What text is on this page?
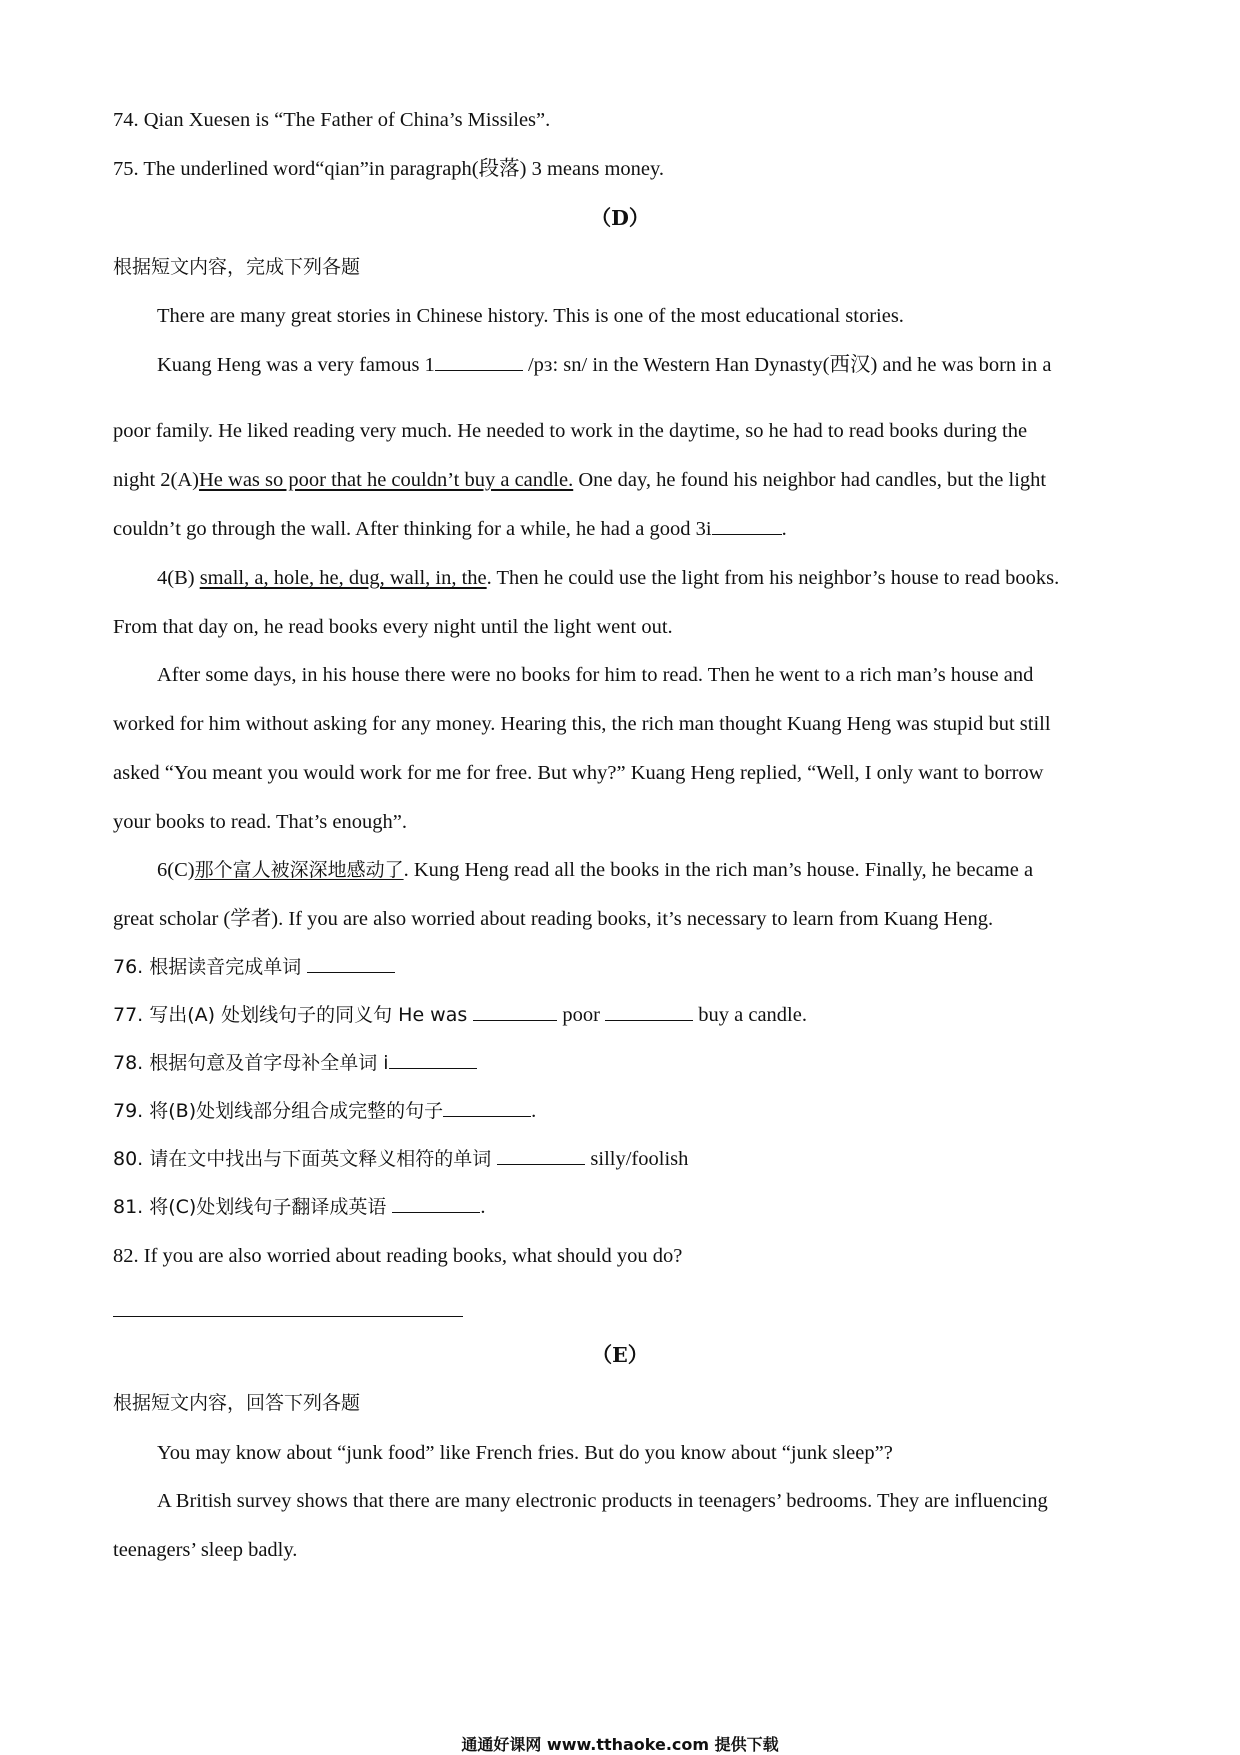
74. Qian Xuesen is “The Father of China’s Missiles”.
75. The underlined word“qian”in paragraph(段落) 3 means money.
（D）
根据短文内容，完成下列各题
There are many great stories in Chinese history. This is one of the most educational stories.
Kuang Heng was a very famous 1	/pɜ: sn/ in the Western Han Dynasty(西汉) and he was born in a
poor family. He liked reading very much. He needed to work in the daytime, so he had to read books during the
night 2(A)He was so poor that he couldn’t buy a candle. One day, he found his neighbor had candles, but the light
couldn’t go through the wall. After thinking for a while, he had a good 3i	.
4(B) small, a, hole, he, dug, wall, in, the. Then he could use the light from his neighbor’s house to read books.
From that day on, he read books every night until the light went out.
After some days, in his house there were no books for him to read. Then he went to a rich man’s house and
worked for him without asking for any money. Hearing this, the rich man thought Kuang Heng was stupid but still
asked “You meant you would work for me for free. But why?” Kuang Heng replied, “Well, I only want to borrow
your books to read. That’s enough”.
6(C)那个富人被深深地感动了. Kung Heng read all the books in the rich man’s house. Finally, he became a
great scholar (学者). If you are also worried about reading books, it’s necessary to learn from Kuang Heng.
76. 根据读音完成单词
77. 写出(A) 处划线句子的同义句 He was	poor	buy a candle.
78. 根据句意及首字母补全单词 i
79. 将(B)处划线部分组合成完整的句子	.
80. 请在文中找出与下面英文释义相符的单词	silly/foolish
81. 将(C)处划线句子翻译成英语	.
82. If you are also worried about reading books, what should you do?
（E）
根据短文内容，回答下列各题
You may know about “junk food” like French fries. But do you know about “junk sleep”?
A British survey shows that there are many electronic products in teenagers’ bedrooms. They are influencing
teenagers’ sleep badly.
通通好课网 www.tthaoke.com 提供下载
